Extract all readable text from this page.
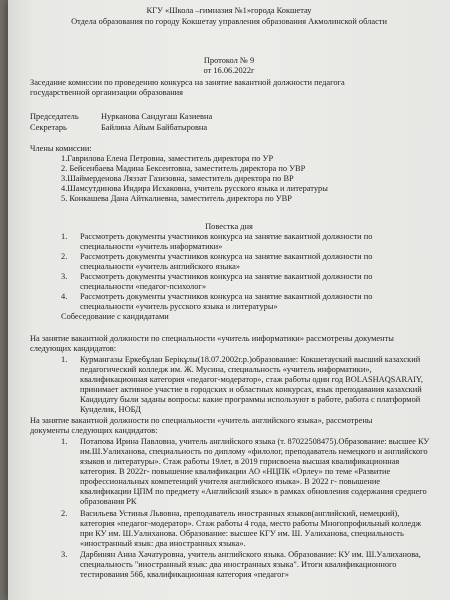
КГУ «Школа –гимназия №1»города Кокшетау
Отдела образования по городу Кокшетау управления образования Акмолинской области
Протокол № 9
от 16.06.2022г
Заседание комиссии по проведению конкурса на занятие вакантной должности педагога
государственной организации образования
Председатель	Нурканова Сандугаш Казиевна
Секретарь	Байлина Айым Байбатыровна
Члены комиссии:
1.Гаврилова Елена Петровна, заместитель директора по УР
2. Бейсенбаева Мадина Бексеитовна, заместитель директора по УВР
3.Шаймерденова Ляззат Газизовна, заместитель директора по ВР
4.Шамсутдинова Индира Исхаковна, учитель русского языка и литературы
5. Конкашева Дана Айткалиевна, заместитель директора по УВР
Повестка дня
1. Рассмотреть документы участников конкурса на занятие вакантной должности по
специальности «учитель информатики»
2. Рассмотреть документы участников конкурса на занятие вакантной должности по
специальности «учитель английского языка»
3. Рассмотреть документы участников конкурса на занятие вакантной должности по
специальности «педагог-психолог»
4. Рассмотреть документы участников конкурса на занятие вакантной должности по
специальности «учитель русского языка и литературы»
Собеседование с кандидатами
На занятие вакантной должности по специальности «учитель информатики» рассмотрены документы
следующих кандидатов:
1. Курмангазы Еркебұлан Берікұлы(18.07.2002г.р.)образование: Кокшетауский высший казахский
педагогический колледж им. Ж. Мусина, специальность «учитель информатики»,
квалификационная категория «педагог-модератор», стаж работы один год BOLASHAQSARAIY,
принимает активное участие в городских и областных конкурсах, язык преподавания казахский
Кандидату были заданы вопросы: какие программы используют в работе, работа с платформой
Кунделик, НОБД
На занятие вакантной должности по специальности «учитель английского языка», рассмотрены
документы следующих кандидатов:
1. Потапова Ирина Павловна, учитель английского языка (т. 87022508475).Образование: высшее КУ
им.Ш.Уалиханова, специальность по диплому «филолог, преподаватель немецкого и английского
языков и литературы». Стаж работы 19лет, в 2019 гприсвоена высшая квалификационная
категория. В 2022г- повышение квалификации АО «НЦПК «Орлеу» по теме «Развитие
профессиональных компетенций учителя английского языка». В 2022 г- повышение
квалификации ЦПМ по предмету «Английский язык» в рамках обновления содержания среднего
образования РК
2. Васильева Устинья Львовна, преподаватель иностранных языков(английский, немецкий),
категория «педагог-модератор». Стаж работы 4 года, место работы Многопрофильный колледж
при КУ им. Ш.Уалиханова. Образование: высшее КГУ им. Ш. Уалиханова, специальность
«иностранный язык: два иностранных языка».
3. Дарбинян Анна Хачатуровна, учитель английского языка. Образование: КУ им. Ш.Уалиханова,
специальность "иностранный язык: два иностранных языка". Итоги квалификационного
тестирования 56б, квалификационная категория «педагог»
